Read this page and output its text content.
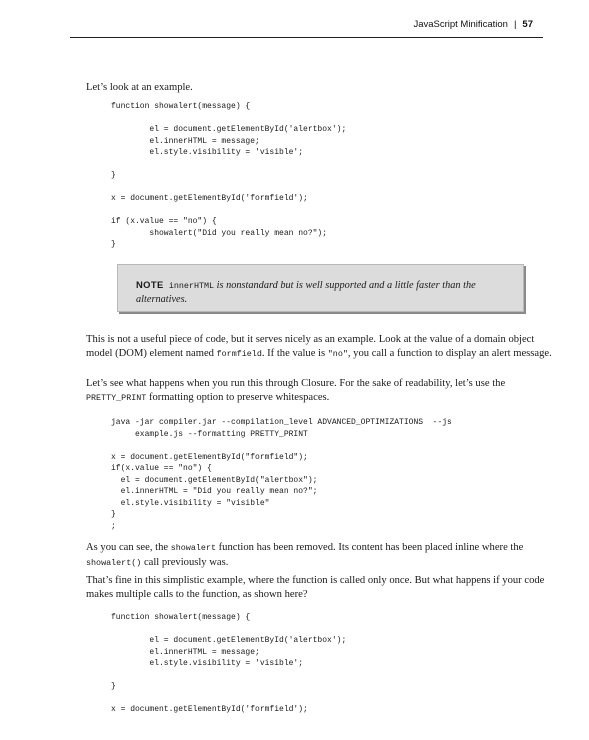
JavaScript Minification | 57

Let’s look at an example.

function showalert(message) {

el = document.getElementById('alertbox');
el.innerHTML = message;
el.style.visibility = 'visible';

}

x = document.getElementById('formfield');

if (x.value == "no") {
showalert("Did you really mean no?");
}
NOTE innerHTML is nonstandard but is well supported and a little faster than the alternatives.

This is not a useful piece of code, but it serves nicely as an example. Look at the value of a domain object model (DOM) element named formfield. If the value is "no", you call a function to display an alert message.

Let’s see what happens when you run this through Closure. For the sake of readability, let’s use the PRETTY_PRINT formatting option to preserve whitespaces.

java -jar compiler.jar --compilation_level ADVANCED_OPTIMIZATIONS  --js
example.js --formatting PRETTY_PRINT

x = document.getElementById("formfield");
if(x.value == "no") {
el = document.getElementById("alertbox");
el.innerHTML = "Did you really mean no?";
el.style.visibility = "visible"
}
;

As you can see, the showalert function has been removed. Its content has been placed inline where the showalert() call previously was.

That’s fine in this simplistic example, where the function is called only once. But what happens if your code makes multiple calls to the function, as shown here?

function showalert(message) {

el = document.getElementById('alertbox');
el.innerHTML = message;
el.style.visibility = 'visible';

}

x = document.getElementById('formfield');
